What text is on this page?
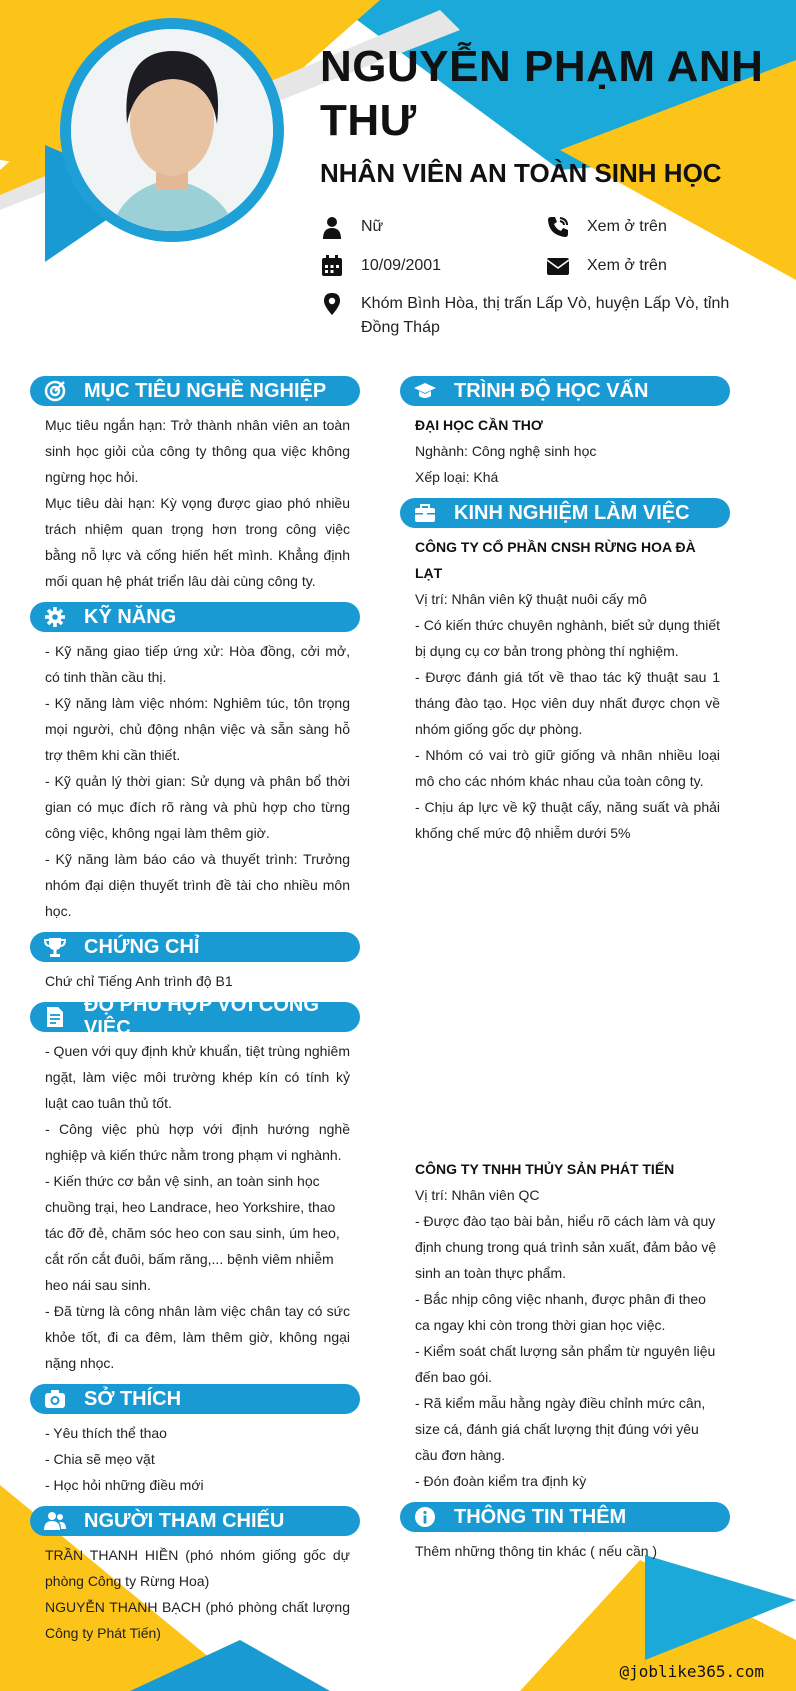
NGUYỄN PHẠM ANH THƯ
NHÂN VIÊN AN TOÀN SINH HỌC
Nữ	Xem ở trên
10/09/2001	Xem ở trên
Khóm Bình Hòa, thị trấn Lấp Vò, huyện Lấp Vò, tỉnh Đồng Tháp
MỤC TIÊU NGHỀ NGHIỆP

Mục tiêu ngắn hạn: Trở thành nhân viên an toàn sinh học giỏi của công ty thông qua việc không ngừng học hỏi.

Mục tiêu dài hạn: Kỳ vọng được giao phó nhiều trách nhiệm quan trọng hơn trong công việc bằng nỗ lực và cống hiến hết mình. Khẳng định mối quan hệ phát triển lâu dài cùng công ty.

KỸ NĂNG

- Kỹ năng giao tiếp ứng xử: Hòa đồng, cởi mở, có tinh thần cầu thị.

- Kỹ năng làm việc nhóm: Nghiêm túc, tôn trọng mọi người, chủ động nhận việc và sẵn sàng hỗ trợ thêm khi cần thiết.

- Kỹ quản lý thời gian: Sử dụng và phân bổ thời gian có mục đích rõ ràng và phù hợp cho từng công việc, không ngại làm thêm giờ.

- Kỹ năng làm báo cáo và thuyết trình: Trưởng nhóm đại diện thuyết trình đề tài cho nhiều môn học.

CHỨNG CHỈ

Chứ chỉ Tiếng Anh trình độ B1

ĐỘ PHÙ HỢP VỚI CÔNG VIỆC

- Quen với quy định khử khuẩn, tiệt trùng nghiêm ngặt, làm việc môi trường khép kín có tính kỷ luật cao tuân thủ tốt.

- Công việc phù hợp với định hướng nghề nghiệp và kiến thức nằm trong phạm vi nghành.

- Kiến thức cơ bản vệ sinh, an toàn sinh học chuồng trại, heo Landrace, heo Yorkshire, thao tác đỡ đẻ, chăm sóc heo con sau sinh, úm heo, cắt rốn cắt đuôi, bấm răng,... bệnh viêm nhiễm heo nái sau sinh.

- Đã từng là công nhân làm việc chân tay có sức khỏe tốt, đi ca đêm, làm thêm giờ, không ngại nặng nhọc.

SỞ THÍCH

- Yêu thích thể thao

- Chia sẽ mẹo vặt

- Học hỏi những điều mới

NGƯỜI THAM CHIẾU

TRẦN THANH HIỀN (phó nhóm giống gốc dự phòng Công ty Rừng Hoa)

NGUYỄN THANH BẠCH (phó phòng chất lượng Công ty Phát Tiến)

TRÌNH ĐỘ HỌC VẤN
ĐẠI HỌC CẦN THƠ

Nghành: Công nghệ sinh học

Xếp loại: Khá

KINH NGHIỆM LÀM VIỆC
CÔNG TY CỔ PHẦN CNSH RỪNG HOA ĐÀ LẠT

Vị trí: Nhân viên kỹ thuật nuôi cấy mô

- Có kiến thức chuyên nghành, biết sử dụng thiết bị dụng cụ cơ bản trong phòng thí nghiệm.

- Được đánh giá tốt về thao tác kỹ thuật sau 1 tháng đào tạo. Học viên duy nhất được chọn về nhóm giống gốc dự phòng.

- Nhóm có vai trò giữ giống và nhân nhiều loại mô cho các nhóm khác nhau của toàn công ty.

- Chịu áp lực về kỹ thuật cấy, năng suất và phải khống chế mức độ nhiễm dưới 5%

CÔNG TY TNHH THỦY SẢN PHÁT TIẾN

Vị trí: Nhân viên QC

- Được đào tạo bài bản, hiểu rõ cách làm và quy định chung trong quá trình sản xuất, đảm bảo vệ sinh an toàn thực phẩm.

- Bắc nhịp công việc nhanh, được phân đi theo ca ngay khi còn trong thời gian học việc.

- Kiểm soát chất lượng sản phẩm từ nguyên liệu đến bao gói.

- Rã kiểm mẫu hằng ngày điều chỉnh mức cân, size cá, đánh giá chất lượng thịt đúng với yêu cầu đơn hàng.

- Đón đoàn kiểm tra định kỳ

THÔNG TIN THÊM

Thêm những thông tin khác ( nếu cần )

@joblike365.com
